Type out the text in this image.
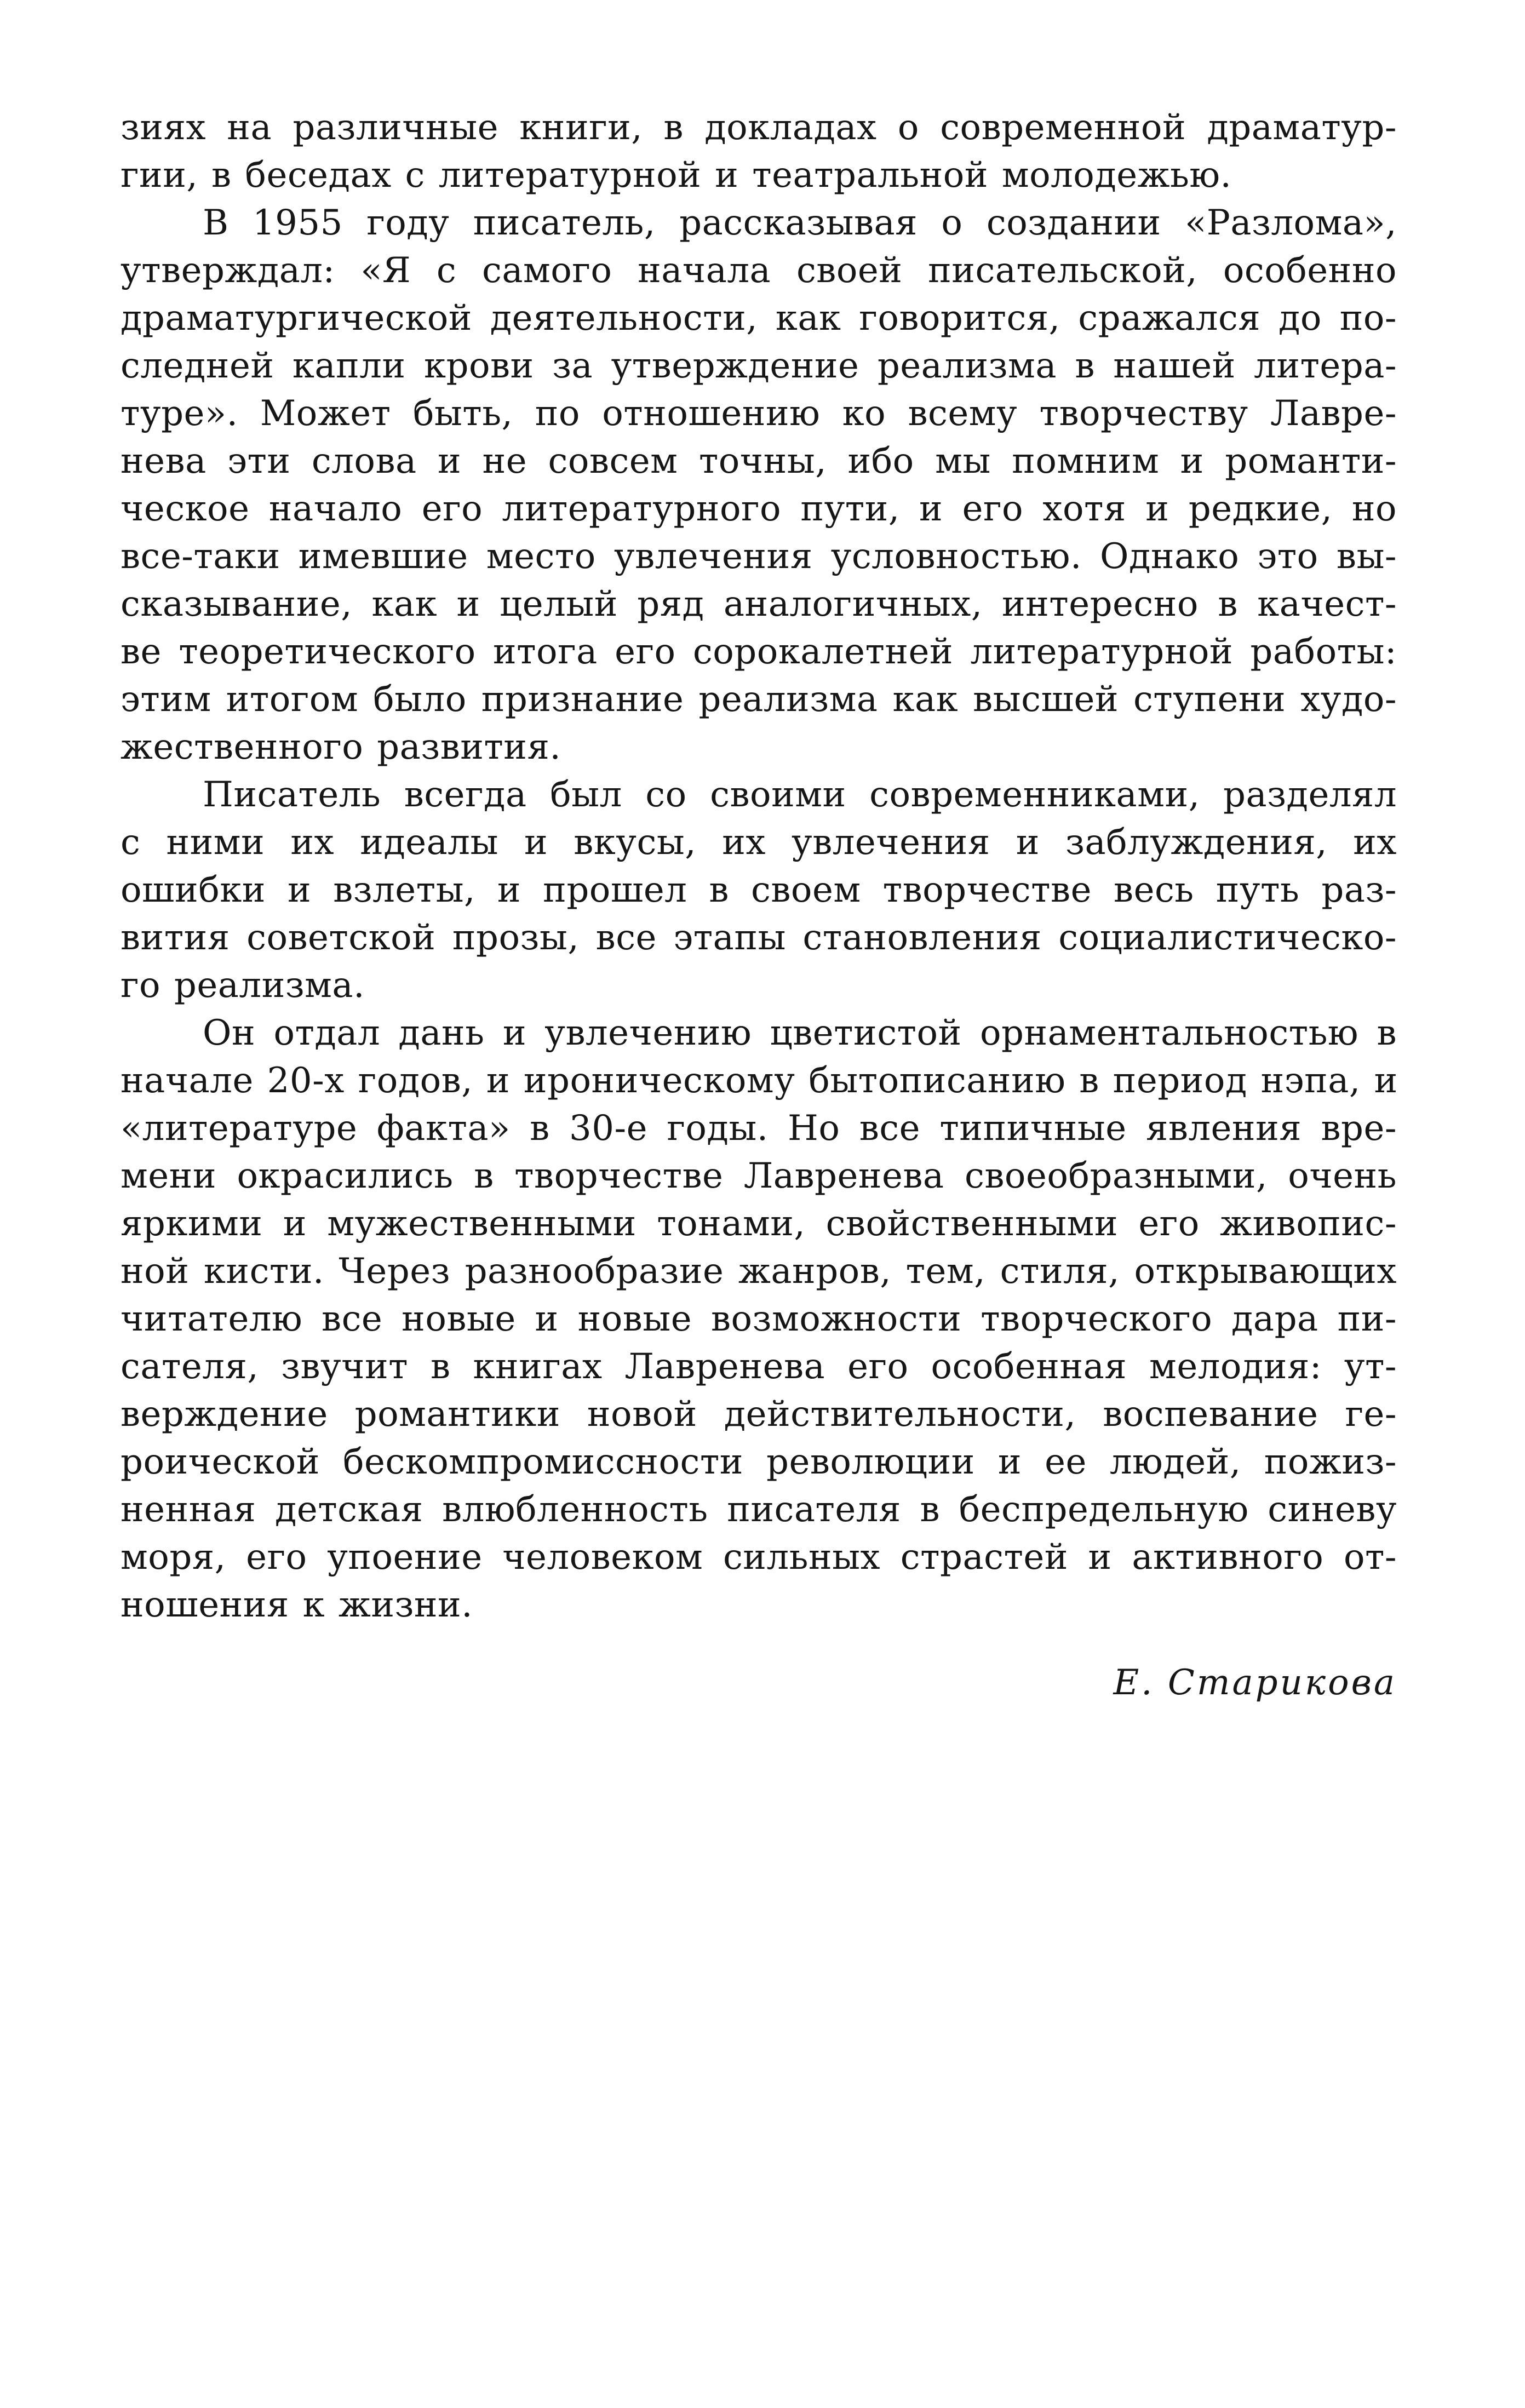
зиях на различные книги, в докладах о современной драматур-
гии, в беседах с литературной и театральной молодежью.
В 1955 году писатель, рассказывая о создании «Разлома»,
утверждал: «Я с самого начала своей писательской, особенно
драматургической деятельности, как говорится, сражался до по-
следней капли крови за утверждение реализма в нашей литера-
туре». Может быть, по отношению ко всему творчеству Лавре-
нева эти слова и не совсем точны, ибо мы помним и романти-
ческое начало его литературного пути, и его хотя и редкие, но
все-таки имевшие место увлечения условностью. Однако это вы-
сказывание, как и целый ряд аналогичных, интересно в качест-
ве теоретического итога его сорокалетней литературной работы:
этим итогом было признание реализма как высшей ступени худо-
жественного развития.
Писатель всегда был со своими современниками, разделял
с ними их идеалы и вкусы, их увлечения и заблуждения, их
ошибки и взлеты, и прошел в своем творчестве весь путь раз-
вития советской прозы, все этапы становления социалистическо-
го реализма.
Он отдал дань и увлечению цветистой орнаментальностью в
начале 20-х годов, и ироническому бытописанию в период нэпа, и
«литературе факта» в 30-е годы. Но все типичные явления вре-
мени окрасились в творчестве Лавренева своеобразными, очень
яркими и мужественными тонами, свойственными его живопис-
ной кисти. Через разнообразие жанров, тем, стиля, открывающих
читателю все новые и новые возможности творческого дара пи-
сателя, звучит в книгах Лавренева его особенная мелодия: ут-
верждение романтики новой действительности, воспевание ге-
роической бескомпромиссности революции и ее людей, пожиз-
ненная детская влюбленность писателя в беспредельную синеву
моря, его упоение человеком сильных страстей и активного от-
ношения к жизни.
Е. Старикова
